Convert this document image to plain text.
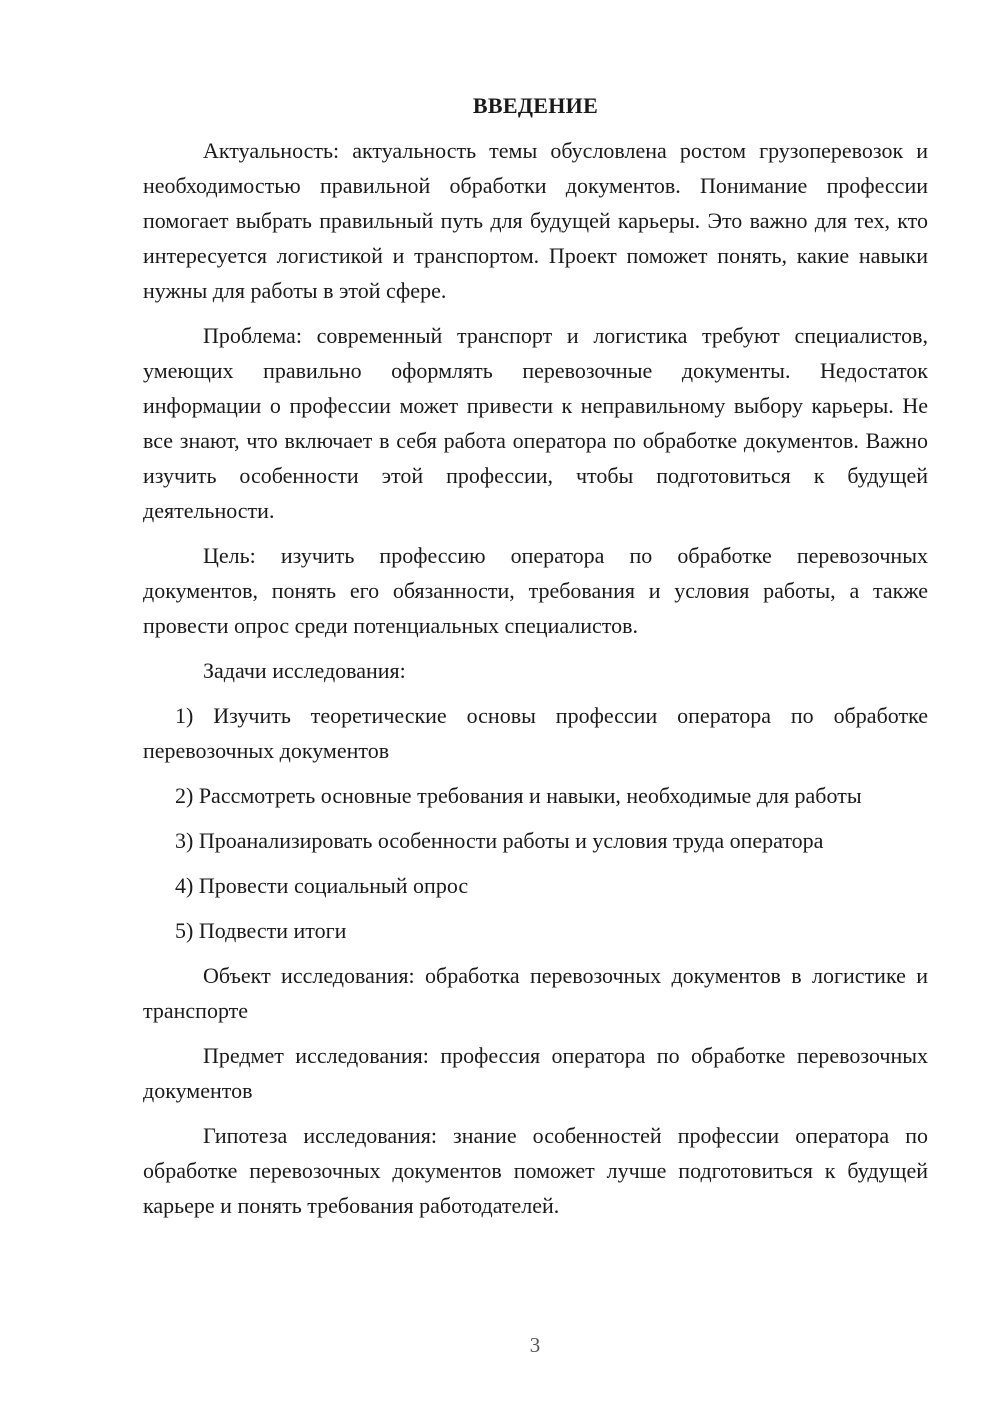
ВВЕДЕНИЕ

Актуальность: актуальность темы обусловлена ростом грузоперевозок и необходимостью правильной обработки документов. Понимание профессии помогает выбрать правильный путь для будущей карьеры. Это важно для тех, кто интересуется логистикой и транспортом. Проект поможет понять, какие навыки нужны для работы в этой сфере.

Проблема: современный транспорт и логистика требуют специалистов, умеющих правильно оформлять перевозочные документы. Недостаток информации о профессии может привести к неправильному выбору карьеры. Не все знают, что включает в себя работа оператора по обработке документов. Важно изучить особенности этой профессии, чтобы подготовиться к будущей деятельности.

Цель: изучить профессию оператора по обработке перевозочных документов, понять его обязанности, требования и условия работы, а также провести опрос среди потенциальных специалистов.

Задачи исследования:

1) Изучить теоретические основы профессии оператора по обработке перевозочных документов

2) Рассмотреть основные требования и навыки, необходимые для работы

3) Проанализировать особенности работы и условия труда оператора

4) Провести социальный опрос

5) Подвести итоги

Объект исследования: обработка перевозочных документов в логистике и транспорте

Предмет исследования: профессия оператора по обработке перевозочных документов

Гипотеза исследования: знание особенностей профессии оператора по обработке перевозочных документов поможет лучше подготовиться к будущей карьере и понять требования работодателей.

3
